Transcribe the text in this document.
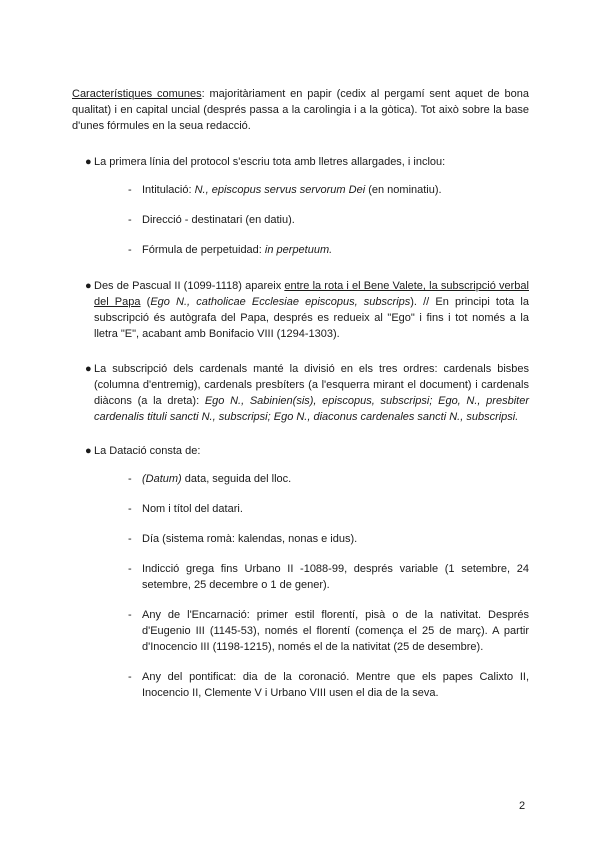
Característiques comunes: majoritàriament en papir (cedix al pergamí sent aquet de bona qualitat) i en capital uncial (després passa a la carolingia i a la gòtica). Tot això sobre la base d'unes fórmules en la seua redacció.

● La primera línia del protocol s'escriu tota amb lletres allargades, i inclou:

- Intitulació: N., episcopus servus servorum Dei (en nominatiu).

- Direcció - destinatari (en datiu).

- Fórmula de perpetuidad: in perpetuum.

● Des de Pascual II (1099-1118) apareix entre la rota i el Bene Valete, la subscripció verbal del Papa (Ego N., catholicae Ecclesiae episcopus, subscrips). // En principi tota la subscripció és autògrafa del Papa, després es redueix al "Ego" i fins i tot només a la lletra "E", acabant amb Bonifacio VIII (1294-1303).

● La subscripció dels cardenals manté la divisió en els tres ordres: cardenals bisbes (columna d'entremig), cardenals presbíters (a l'esquerra mirant el document) i cardenals diàcons (a la dreta): Ego N., Sabinien(sis), episcopus, subscripsi; Ego, N., presbiter cardenalis tituli sancti N., subscripsi; Ego N., diaconus cardenales sancti N., subscripsi.

● La Datació consta de:

- (Datum) data, seguida del lloc.

- Nom i títol del datari.

- Día (sistema romà: kalendas, nonas e idus).

- Indicció grega fins Urbano II -1088-99, després variable (1 setembre, 24 setembre, 25 decembre o 1 de gener).

- Any de l'Encarnació: primer estil florentí, pisà o de la nativitat. Després d'Eugenio III (1145-53), només el florentí (comença el 25 de març). A partir d'Inocencio III (1198-1215), només el de la nativitat (25 de desembre).

- Any del pontificat: dia de la coronació. Mentre que els papes Calixto II, Inocencio II, Clemente V i Urbano VIII usen el dia de la seva.

2
